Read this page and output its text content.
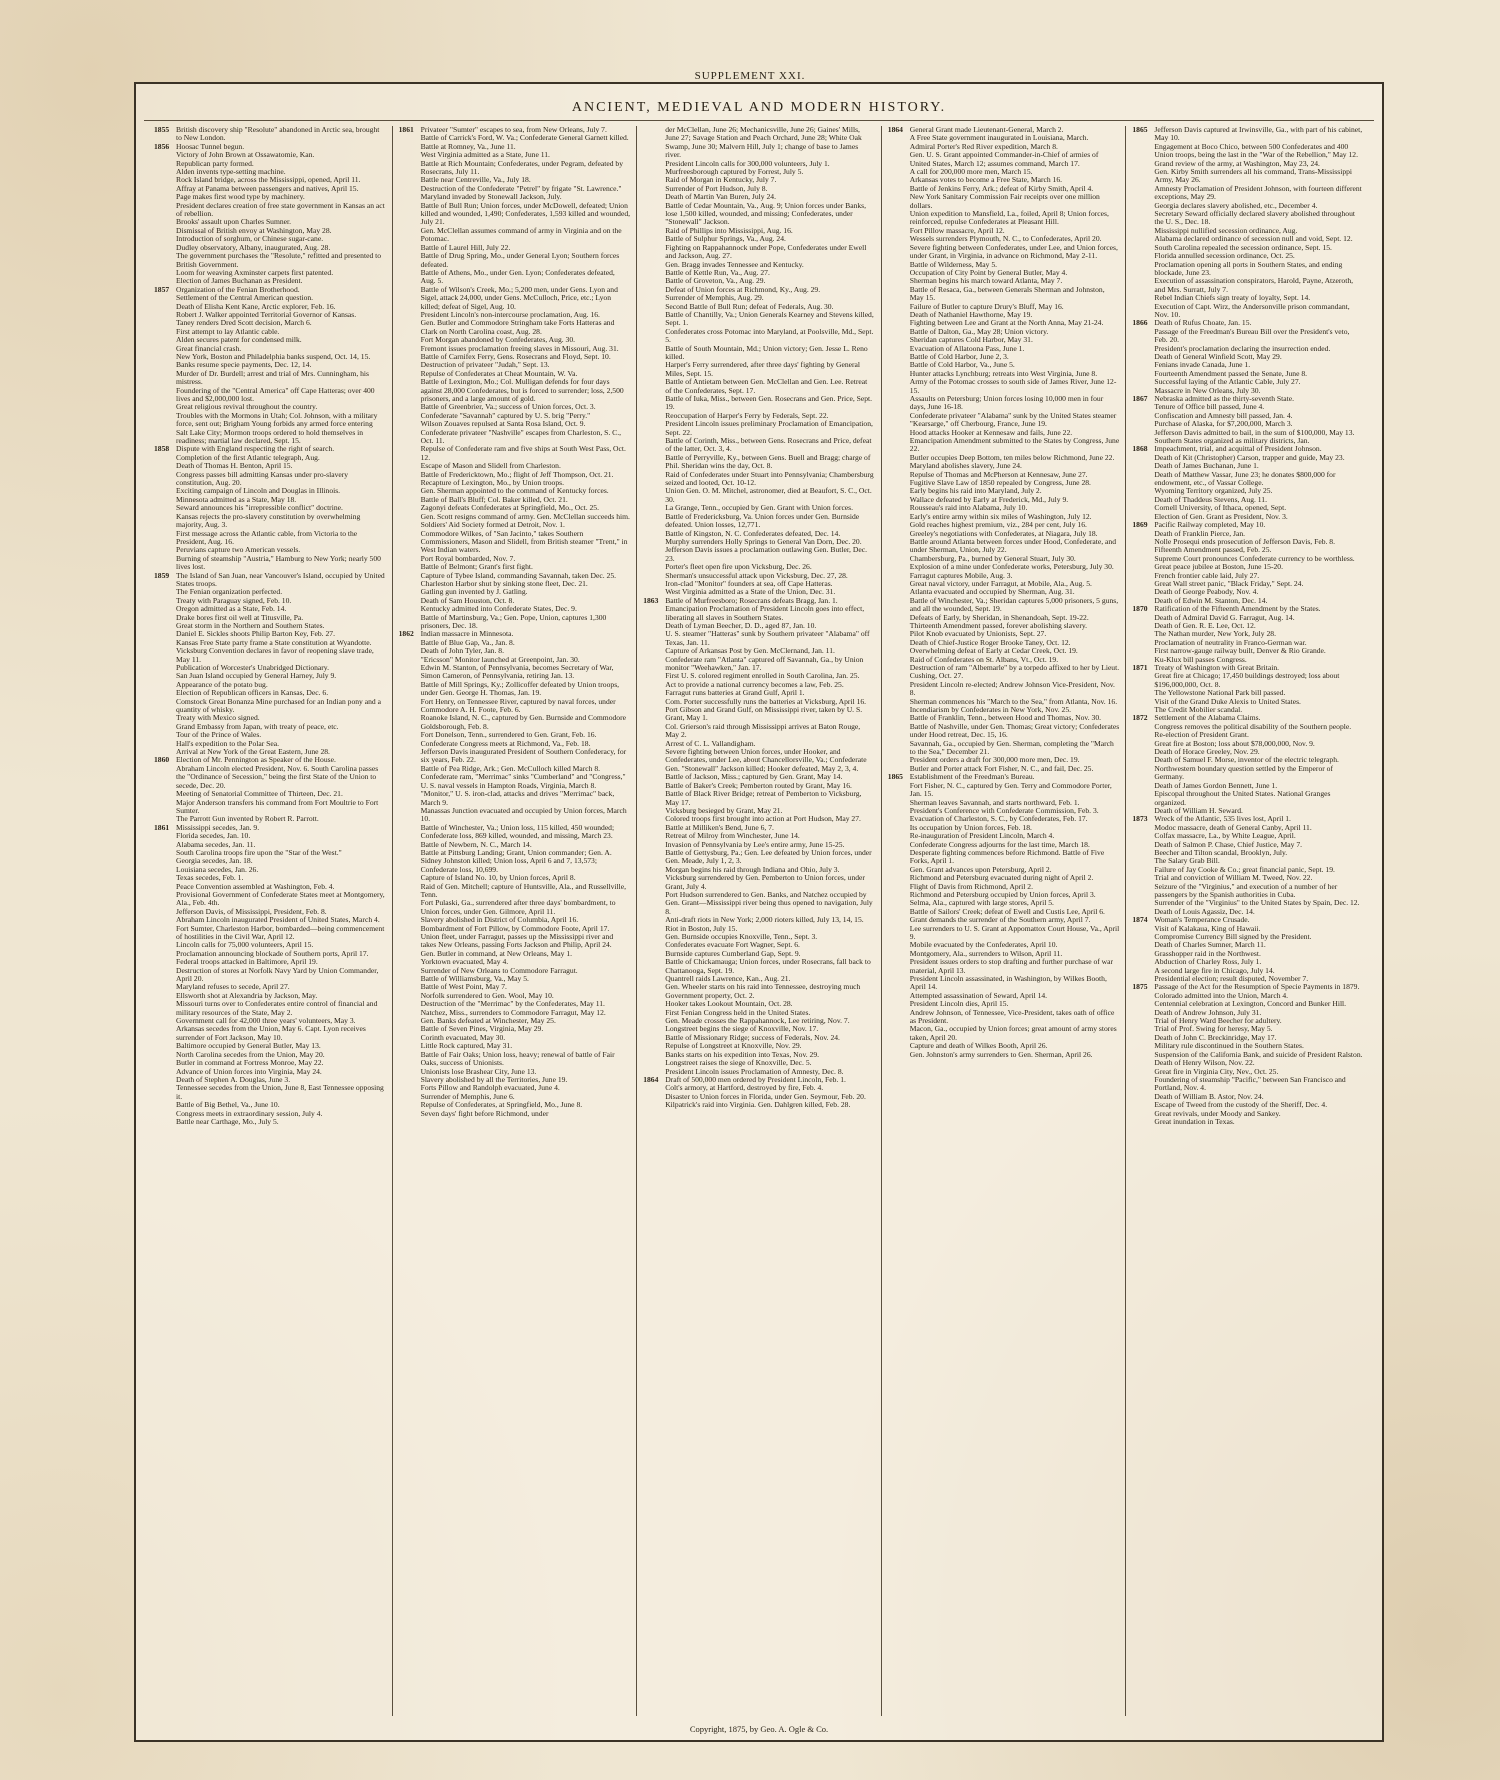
SUPPLEMENT XXI.
ANCIENT, MEDIEVAL AND MODERN HISTORY.
1855 British discovery ship "Resolute" abandoned in Arctic sea, brought to New London.
1856 Hoosac Tunnel begun.
Victory of John Brown at Ossawatomie, Kan.
Republican party formed.
Alden invents type-setting machine.
Rock Island bridge, across the Mississippi, opened, April 11.
Affray at Panama between passengers and natives, April 15.
Page makes first wood type by machinery.
President declares creation of free state government in Kansas an act of rebellion.
Brooks' assault upon Charles Sumner.
Dismissal of British envoy at Washington, May 28.
Introduction of sorghum, or Chinese sugar-cane.
Dudley observatory, Albany, inaugurated, Aug. 28.
The government purchases the "Resolute," refitted and presented to British Government.
Loom for weaving Axminster carpets first patented.
Election of James Buchanan as President.
1857 Organization of the Fenian Brotherhood.
Settlement of the Central American question.
Death of Elisha Kent Kane, Arctic explorer, Feb. 16.
Robert J. Walker appointed Territorial Governor of Kansas.
Taney renders Dred Scott decision, March 6.
First attempt to lay Atlantic cable.
Alden secures patent for condensed milk.
Great financial crash.
New York, Boston and Philadelphia banks suspend, Oct. 14, 15.
Banks resume specie payments, Dec. 12, 14.
Murder of Dr. Burdell; arrest and trial of Mrs. Cunningham, his mistress.
Foundering of the "Central America" off Cape Hatteras; over 400 lives and $2,000,000 lost.
Great religious revival throughout the country.
Troubles with the Mormons in Utah; Col. Johnson, with a military force, sent out; Brigham Young forbids any armed force entering Salt Lake City; Mormon troops ordered to hold themselves in readiness; martial law declared, Sept. 15.
1858 Dispute with England respecting the right of search.
Completion of the first Atlantic telegraph, Aug.
Death of Thomas H. Benton, April 15.
Congress passes bill admitting Kansas under pro-slavery constitution, Aug. 20.
Exciting campaign of Lincoln and Douglas in Illinois.
Minnesota admitted as a State, May 18.
Seward announces his "irrepressible conflict" doctrine.
Kansas rejects the pro-slavery constitution by overwhelming majority, Aug. 3.
First message across the Atlantic cable, from Victoria to the President, Aug. 16.
Peruvians capture two American vessels.
Burning of steamship "Austria," Hamburg to New York; nearly 500 lives lost.
1859 The Island of San Juan, near Vancouver's Island, occupied by United States troops.
The Fenian organization perfected.
Treaty with Paraguay signed, Feb. 10.
Oregon admitted as a State, Feb. 14.
Drake bores first oil well at Titusville, Pa.
Great storm in the Northern and Southern States.
Daniel E. Sickles shoots Philip Barton Key, Feb. 27.
Kansas Free State party frame a State constitution at Wyandotte.
Vicksburg Convention declares in favor of reopening slave trade, May 11.
Publication of Worcester's Unabridged Dictionary.
San Juan Island occupied by General Harney, July 9.
Appearance of the potato bug.
Election of Republican officers in Kansas, Dec. 6.
Comstock Great Bonanza Mine purchased for an Indian pony and a quantity of whisky.
Treaty with Mexico signed.
Grand Embassy from Japan, with treaty of peace, etc.
Tour of the Prince of Wales.
Hall's expedition to the Polar Sea.
Arrival at New York of the Great Eastern, June 28.
1860 Election of Mr. Pennington as Speaker of the House.
Abraham Lincoln elected President, Nov. 6. South Carolina passes the "Ordinance of Secession," being the first State of the Union to secede, Dec. 20.
Meeting of Senatorial Committee of Thirteen, Dec. 21.
Major Anderson transfers his command from Fort Moultrie to Fort Sumter.
The Parrott Gun invented by Robert R. Parrott.
1861 Mississippi secedes, Jan. 9.
Florida secedes, Jan. 10.
Alabama secedes, Jan. 11.
South Carolina troops fire upon the "Star of the West."
Georgia secedes, Jan. 18.
Louisiana secedes, Jan. 26.
Texas secedes, Feb. 1.
Peace Convention assembled at Washington, Feb. 4.
Provisional Government of Confederate States meet at Montgomery, Ala., Feb. 4th.
Jefferson Davis, of Mississippi, President, Feb. 8.
Abraham Lincoln inaugurated President of United States, March 4.
Fort Sumter, Charleston Harbor, bombarded—being commencement of hostilities in the Civil War, April 12.
Lincoln calls for 75,000 volunteers, April 15.
Proclamation announcing blockade of Southern ports, April 17.
Federal troops attacked in Baltimore, April 19.
Destruction of stores at Norfolk Navy Yard by Union Commander, April 20.
Maryland refuses to secede, April 27.
Ellsworth shot at Alexandria by Jackson, May.
Missouri turns over to Confederates entire control of financial and military resources of the State, May 2.
Government call for 42,000 three years' volunteers, May 3.
Arkansas secedes from the Union, May 6. Capt. Lyon receives surrender of Fort Jackson, May 10.
Baltimore occupied by General Butler, May 13.
North Carolina secedes from the Union, May 20.
Butler in command at Fortress Monroe, May 22.
Advance of Union forces into Virginia, May 24.
Death of Stephen A. Douglas, June 3.
Tennessee secedes from the Union, June 8, East Tennessee opposing it.
Battle of Big Bethel, Va., June 10.
Congress meets in extraordinary session, July 4.
Battle near Carthage, Mo., July 5.
1861 Privateer "Sumter" escapes to sea, from New Orleans, July 7.
Battle of Carrick's Ford, W. Va.; Confederate General Garnett killed.
Battle at Romney, Va., June 11.
West Virginia admitted as a State, June 11.
Battle at Rich Mountain; Confederates, under Pegram, defeated by Rosecrans, July 11.
Battle near Centreville, Va., July 18.
Destruction of the Confederate "Petrel" by frigate "St. Lawrence."
Maryland invaded by Stonewall Jackson, July.
Battle of Bull Run; Union forces, under McDowell, defeated; Union killed and wounded, 1,490; Confederates, 1,593 killed and wounded, July 21.
Gen. McClellan assumes command of army in Virginia and on the Potomac.
Battle of Laurel Hill, July 22.
Battle of Drug Spring, Mo., under General Lyon; Southern forces defeated.
Battle of Athens, Mo., under Gen. Lyon; Confederates defeated, Aug. 5.
Battle of Wilson's Creek, Mo.; 5,200 men, under Gens. Lyon and Sigel, attack 24,000, under Gens. McCulloch, Price, etc.; Lyon killed; defeat of Sigel, Aug. 10.
President Lincoln's non-intercourse proclamation, Aug. 16.
Gen. Butler and Commodore Stringham take Forts Hatteras and Clark on North Carolina coast, Aug. 28.
Fort Morgan abandoned by Confederates, Aug. 30.
Fremont issues proclamation freeing slaves in Missouri, Aug. 31.
Battle of Carnifex Ferry, Gens. Rosecrans and Floyd, Sept. 10.
Destruction of privateer "Judah," Sept. 13.
Repulse of Confederates at Cheat Mountain, W. Va.
Battle of Lexington, Mo.; Col. Mulligan defends for four days against 28,000 Confederates, but is forced to surrender; loss, 2,500 prisoners, and a large amount of gold.
Battle of Greenbrier, Va.; success of Union forces, Oct. 3.
Confederate "Savannah" captured by U. S. brig "Perry."
Wilson Zouaves repulsed at Santa Rosa Island, Oct. 9.
Confederate privateer "Nashville" escapes from Charleston, S. C., Oct. 11.
Repulse of Confederate ram and five ships at South West Pass, Oct. 12.
Escape of Mason and Slidell from Charleston.
Battle of Fredericktown, Mo.; flight of Jeff Thompson, Oct. 21.
Recapture of Lexington, Mo., by Union troops.
Gen. Sherman appointed to the command of Kentucky forces.
Battle of Ball's Bluff; Col. Baker killed, Oct. 21.
Zagonyi defeats Confederates at Springfield, Mo., Oct. 25.
Gen. Scott resigns command of army. Gen. McClellan succeeds him.
Soldiers' Aid Society formed at Detroit, Nov. 1.
Commodore Wilkes, of "San Jacinto," takes Southern Commissioners, Mason and Slidell, from British steamer "Trent," in West Indian waters.
Port Royal bombarded, Nov. 7.
Battle of Belmont; Grant's first fight.
Capture of Tybee Island, commanding Savannah, taken Dec. 25.
Charleston Harbor shut by sinking stone fleet, Dec. 21.
Gatling gun invented by J. Gatling.
Death of Sam Houston, Oct. 8.
Kentucky admitted into Confederate States, Dec. 9.
Battle of Martinsburg, Va.; Gen. Pope, Union, captures 1,300 prisoners, Dec. 18.
1862 Indian massacre in Minnesota.
Battle of Blue Gap, Va., Jan. 8.
Death of John Tyler, Jan. 8.
"Ericsson" Monitor launched at Greenpoint, Jan. 30.
Edwin M. Stanton, of Pennsylvania, becomes Secretary of War, Simon Cameron, of Pennsylvania, retiring Jan. 13.
Battle of Mill Springs, Ky.; Zollicoffer defeated by Union troops, under Gen. George H. Thomas, Jan. 19.
Fort Henry, on Tennessee River, captured by naval forces, under Commodore A. H. Foote, Feb. 6.
Roanoke Island, N. C., captured by Gen. Burnside and Commodore Goldsborough, Feb. 8.
Fort Donelson, Tenn., surrendered to Gen. Grant, Feb. 16.
Confederate Congress meets at Richmond, Va., Feb. 18.
Jefferson Davis inaugurated President of Southern Confederacy, for six years, Feb. 22.
Battle of Pea Ridge, Ark.; Gen. McCulloch killed March 8.
Confederate ram, "Merrimac" sinks "Cumberland" and "Congress," U. S. naval vessels in Hampton Roads, Virginia, March 8.
"Monitor," U. S. iron-clad, attacks and drives "Merrimac" back, March 9.
Manassas Junction evacuated and occupied by Union forces, March 10.
Battle of Winchester, Va.; Union loss, 115 killed, 450 wounded; Confederate loss, 869 killed, wounded, and missing, March 23.
Battle of Newbern, N. C., March 14.
Battle at Pittsburg Landing; Grant, Union commander; Gen. A. Sidney Johnston killed; Union loss, April 6 and 7, 13,573; Confederate loss, 10,699.
Capture of Island No. 10, by Union forces, April 8.
Raid of Gen. Mitchell; capture of Huntsville, Ala., and Russellville, Tenn.
Fort Pulaski, Ga., surrendered after three days' bombardment, to Union forces, under Gen. Gilmore, April 11.
Slavery abolished in District of Columbia, April 16.
Bombardment of Fort Pillow, by Commodore Foote, April 17.
Union fleet, under Farragut, passes up the Mississippi river and takes New Orleans, passing Forts Jackson and Philip, April 24.
Gen. Butler in command, at New Orleans, May 1.
Yorktown evacuated, May 4.
Surrender of New Orleans to Commodore Farragut.
Battle of Williamsburg, Va., May 5.
Battle of West Point, May 7.
Norfolk surrendered to Gen. Wool, May 10.
Destruction of the "Merrimac" by the Confederates, May 11.
Natchez, Miss., surrenders to Commodore Farragut, May 12.
Gen. Banks defeated at Winchester, May 25.
Battle of Seven Pines, Virginia, May 29.
Corinth evacuated, May 30.
Little Rock captured, May 31.
Battle of Fair Oaks; Union loss, heavy; renewal of battle of Fair Oaks, success of Unionists.
Unionists lose Brashear City, June 13.
Slavery abolished by all the Territories, June 19.
Forts Pillow and Randolph evacuated, June 4.
Surrender of Memphis, June 6.
Repulse of Confederates, at Springfield, Mo., June 8.
Seven days' fight before Richmond, under
der McClellan, June 26; Mechanicsville, June 26; Gaines' Mills, June 27; Savage Station and Peach Orchard, June 28; White Oak Swamp, June 30; Malvern Hill, July 1; change of base to James river.
President Lincoln calls for 300,000 volunteers, July 1.
Murfreesborough captured by Forrest, July 5.
Raid of Morgan in Kentucky, July 7.
Surrender of Port Hudson, July 8.
Death of Martin Van Buren, July 24.
Battle of Cedar Mountain, Va., Aug. 9; Union forces under Banks, lose 1,500 killed, wounded, and missing; Confederates, under "Stonewall" Jackson.
Raid of Phillips into Mississippi, Aug. 16.
Battle of Sulphur Springs, Va., Aug. 24.
Fighting on Rappahannock under Pope, Confederates under Ewell and Jackson, Aug. 27.
Gen. Bragg invades Tennessee and Kentucky.
Battle of Kettle Run, Va., Aug. 27.
Battle of Groveton, Va., Aug. 29.
Defeat of Union forces at Richmond, Ky., Aug. 29.
Surrender of Memphis, Aug. 29.
Second Battle of Bull Run; defeat of Federals, Aug. 30.
Battle of Chantilly, Va.; Union Generals Kearney and Stevens killed, Sept. 1.
Confederates cross Potomac into Maryland, at Poolsville, Md., Sept. 5.
Battle of South Mountain, Md.; Union victory; Gen. Jesse L. Reno killed.
Harper's Ferry surrendered, after three days' fighting by General Miles, Sept. 15.
Battle of Antietam between Gen. McClellan and Gen. Lee. Retreat of the Confederates, Sept. 17.
Battle of Iuka, Miss., between Gen. Rosecrans and Gen. Price, Sept. 19.
Reoccupation of Harper's Ferry by Federals, Sept. 22.
President Lincoln issues preliminary Proclamation of Emancipation, Sept. 22.
Battle of Corinth, Miss., between Gens. Rosecrans and Price, defeat of the latter, Oct. 3, 4.
Battle of Perryville, Ky., between Gens. Buell and Bragg; charge of Phil. Sheridan wins the day, Oct. 8.
Raid of Confederates under Stuart into Pennsylvania; Chambersburg seized and looted, Oct. 10-12.
Union Gen. O. M. Mitchel, astronomer, died at Beaufort, S. C., Oct. 30.
La Grange, Tenn., occupied by Gen. Grant with Union forces.
Battle of Fredericksburg, Va. Union forces under Gen. Burnside defeated. Union losses, 12,771.
Battle of Kingston, N. C. Confederates defeated, Dec. 14.
Murphy surrenders Holly Springs to General Van Dorn, Dec. 20.
Jefferson Davis issues a proclamation outlawing Gen. Butler, Dec. 23.
Porter's fleet open fire upon Vicksburg, Dec. 26.
Sherman's unsuccessful attack upon Vicksburg, Dec. 27, 28.
Iron-clad "Monitor" founders at sea, off Cape Hatteras.
West Virginia admitted as a State of the Union, Dec. 31.
1863 Battle of Murfreesboro; Rosecrans defeats Bragg, Jan. 1.
Emancipation Proclamation of President Lincoln goes into effect, liberating all slaves in Southern States.
Death of Lyman Beecher, D. D., aged 87, Jan. 10.
U. S. steamer "Hatteras" sunk by Southern privateer "Alabama" off Texas, Jan. 11.
Capture of Arkansas Post by Gen. McClernand, Jan. 11.
Confederate ram "Atlanta" captured off Savannah, Ga., by Union monitor "Weehawken," Jan. 17.
First U. S. colored regiment enrolled in South Carolina, Jan. 25.
Act to provide a national currency becomes a law, Feb. 25.
Farragut runs batteries at Grand Gulf, April 1.
Com. Porter successfully runs the batteries at Vicksburg, April 16.
Port Gibson and Grand Gulf, on Mississippi river, taken by U. S. Grant, May 1.
Col. Grierson's raid through Mississippi arrives at Baton Rouge, May 2.
Arrest of C. L. Vallandigham.
Severe fighting between Union forces, under Hooker, and Confederates, under Lee, about Chancellorsville, Va.; Confederate Gen. "Stonewall" Jackson killed; Hooker defeated, May 2, 3, 4.
Battle of Jackson, Miss.; captured by Gen. Grant, May 14.
Battle of Baker's Creek; Pemberton routed by Grant, May 16.
Battle of Black River Bridge; retreat of Pemberton to Vicksburg, May 17.
Vicksburg besieged by Grant, May 21.
Colored troops first brought into action at Port Hudson, May 27.
Battle at Milliken's Bend, June 6, 7.
Retreat of Milroy from Winchester, June 14.
Invasion of Pennsylvania by Lee's entire army, June 15-25.
Battle of Gettysburg, Pa.; Gen. Lee defeated by Union forces, under Gen. Meade, July 1, 2, 3.
Morgan begins his raid through Indiana and Ohio, July 3.
Vicksburg surrendered by Gen. Pemberton to Union forces, under Grant, July 4.
Port Hudson surrendered to Gen. Banks, and Natchez occupied by Gen. Grant—Mississippi river being thus opened to navigation, July 8.
Anti-draft riots in New York; 2,000 rioters killed, July 13, 14, 15.
Riot in Boston, July 15.
Gen. Burnside occupies Knoxville, Tenn., Sept. 3.
Confederates evacuate Fort Wagner, Sept. 6.
Burnside captures Cumberland Gap, Sept. 9.
Battle of Chickamauga; Union forces, under Rosecrans, fall back to Chattanooga, Sept. 19.
Quantrell raids Lawrence, Kan., Aug. 21.
Gen. Wheeler starts on his raid into Tennessee, destroying much Government property, Oct. 2.
Hooker takes Lookout Mountain, Oct. 28.
First Fenian Congress held in the United States.
Gen. Meade crosses the Rappahannock, Lee retiring, Nov. 7.
Longstreet begins the siege of Knoxville, Nov. 17.
Battle of Missionary Ridge; success of Federals, Nov. 24.
Repulse of Longstreet at Knoxville, Nov. 29.
Banks starts on his expedition into Texas, Nov. 29.
Longstreet raises the siege of Knoxville, Dec. 5.
President Lincoln issues Proclamation of Amnesty, Dec. 8.
1864 Draft of 500,000 men ordered by President Lincoln, Feb. 1.
Colt's armory, at Hartford, destroyed by fire, Feb. 4.
Disaster to Union forces in Florida, under Gen. Seymour, Feb. 20.
Kilpatrick's raid into Virginia. Gen. Dahlgren killed, Feb. 28.
1864 General Grant made Lieutenant-General, March 2.
A Free State government inaugurated in Louisiana, March.
Admiral Porter's Red River expedition, March 8.
Gen. U. S. Grant appointed Commander-in-Chief of armies of United States, March 12; assumes command, March 17.
A call for 200,000 more men, March 15.
Arkansas votes to become a Free State, March 16.
Battle of Jenkins Ferry, Ark.; defeat of Kirby Smith, April 4.
New York Sanitary Commission Fair receipts over one million dollars.
Union expedition to Mansfield, La., foiled, April 8; Union forces, reinforced, repulse Confederates at Pleasant Hill.
Fort Pillow massacre, April 12.
Wessels surrenders Plymouth, N. C., to Confederates, April 20.
Severe fighting between Confederates, under Lee, and Union forces, under Grant, in Virginia, in advance on Richmond, May 2-11.
Battle of Wilderness, May 5.
Occupation of City Point by General Butler, May 4.
Sherman begins his march toward Atlanta, May 7.
Battle of Resaca, Ga., between Generals Sherman and Johnston, May 15.
Failure of Butler to capture Drury's Bluff, May 16.
Death of Nathaniel Hawthorne, May 19.
Fighting between Lee and Grant at the North Anna, May 21-24.
Battle of Dalton, Ga., May 28; Union victory.
Sheridan captures Cold Harbor, May 31.
Evacuation of Allatoona Pass, June 1.
Battle of Cold Harbor, June 2, 3.
Battle of Cold Harbor, Va., June 5.
Hunter attacks Lynchburg; retreats into West Virginia, June 8.
Army of the Potomac crosses to south side of James River, June 12-15.
Assaults on Petersburg; Union forces losing 10,000 men in four days, June 16-18.
Confederate privateer "Alabama" sunk by the United States steamer "Kearsarge," off Cherbourg, France, June 19.
Hood attacks Hooker at Kennesaw and fails, June 22.
Emancipation Amendment submitted to the States by Congress, June 22.
Butler occupies Deep Bottom, ten miles below Richmond, June 22.
Maryland abolishes slavery, June 24.
Repulse of Thomas and McPherson at Kennesaw, June 27.
Fugitive Slave Law of 1850 repealed by Congress, June 28.
Early begins his raid into Maryland, July 2.
Wallace defeated by Early at Frederick, Md., July 9.
Rousseau's raid into Alabama, July 10.
Early's entire army within six miles of Washington, July 12.
Gold reaches highest premium, viz., 284 per cent, July 16.
Greeley's negotiations with Confederates, at Niagara, July 18.
Battle around Atlanta between forces under Hood, Confederate, and under Sherman, Union, July 22.
Chambersburg, Pa., burned by General Stuart, July 30.
Explosion of a mine under Confederate works, Petersburg, July 30.
Farragut captures Mobile, Aug. 3.
Great naval victory, under Farragut, at Mobile, Ala., Aug. 5.
Atlanta evacuated and occupied by Sherman, Aug. 31.
Battle of Winchester, Va.; Sheridan captures 5,000 prisoners, 5 guns, and all the wounded, Sept. 19.
Defeats of Early, by Sheridan, in Shenandoah, Sept. 19-22.
Thirteenth Amendment passed, forever abolishing slavery.
Pilot Knob evacuated by Unionists, Sept. 27.
Death of Chief-Justice Roger Brooke Taney, Oct. 12.
Overwhelming defeat of Early at Cedar Creek, Oct. 19.
Raid of Confederates on St. Albans, Vt., Oct. 19.
Destruction of ram "Albemarle" by a torpedo affixed to her by Lieut. Cushing, Oct. 27.
President Lincoln re-elected; Andrew Johnson Vice-President, Nov. 8.
Sherman commences his "March to the Sea," from Atlanta, Nov. 16.
Incendiarism by Confederates in New York, Nov. 25.
Battle of Franklin, Tenn., between Hood and Thomas, Nov. 30.
Battle of Nashville, under Gen. Thomas; Great victory; Confederates under Hood retreat, Dec. 15, 16.
Savannah, Ga., occupied by Gen. Sherman, completing the "March to the Sea," December 21.
President orders a draft for 300,000 more men, Dec. 19.
Butler and Porter attack Fort Fisher, N. C., and fail, Dec. 25.
1865 Establishment of the Freedman's Bureau.
Fort Fisher, N. C., captured by Gen. Terry and Commodore Porter, Jan. 15.
Sherman leaves Savannah, and starts northward, Feb. 1.
President's Conference with Confederate Commission, Feb. 3.
Evacuation of Charleston, S. C., by Confederates, Feb. 17.
Its occupation by Union forces, Feb. 18.
Re-inauguration of President Lincoln, March 4.
Confederate Congress adjourns for the last time, March 18.
Desperate fighting commences before Richmond. Battle of Five Forks, April 1.
Gen. Grant advances upon Petersburg, April 2.
Richmond and Petersburg evacuated during night of April 2.
Flight of Davis from Richmond, April 2.
Richmond and Petersburg occupied by Union forces, April 3.
Selma, Ala., captured with large stores, April 5.
Battle of Sailors' Creek; defeat of Ewell and Custis Lee, April 6.
Grant demands the surrender of the Southern army, April 7.
Lee surrenders to U. S. Grant at Appomattox Court House, Va., April 9.
Mobile evacuated by the Confederates, April 10.
Montgomery, Ala., surrenders to Wilson, April 11.
President issues orders to stop drafting and further purchase of war material, April 13.
President Lincoln assassinated, in Washington, by Wilkes Booth, April 14.
Attempted assassination of Seward, April 14.
President Lincoln dies, April 15.
Andrew Johnson, of Tennessee, Vice-President, takes oath of office as President.
Macon, Ga., occupied by Union forces; great amount of army stores taken, April 20.
Capture and death of Wilkes Booth, April 26.
Gen. Johnston's army surrenders to Gen. Sherman, April 26.
1865 Jefferson Davis captured at Irwinsville, Ga., with part of his cabinet, May 10.
Engagement at Boco Chico, between 500 Confederates and 400 Union troops, being the last in the "War of the Rebellion," May 12.
Grand review of the army, at Washington, May 23, 24.
Gen. Kirby Smith surrenders all his command, Trans-Mississippi Army, May 26.
Amnesty Proclamation of President Johnson, with fourteen different exceptions, May 29.
Georgia declares slavery abolished, etc., December 4.
Secretary Seward officially declared slavery abolished throughout the U. S., Dec. 18.
Mississippi nullified secession ordinance, Aug.
Alabama declared ordinance of secession null and void, Sept. 12.
South Carolina repealed the secession ordinance, Sept. 15.
Florida annulled secession ordinance, Oct. 25.
Proclamation opening all ports in Southern States, and ending blockade, June 23.
Execution of assassination conspirators, Harold, Payne, Atzeroth, and Mrs. Surratt, July 7.
Rebel Indian Chiefs sign treaty of loyalty, Sept. 14.
Execution of Capt. Wirz, the Andersonville prison commandant, Nov. 10.
1866 Death of Rufus Choate, Jan. 15.
Passage of the Freedman's Bureau Bill over the President's veto, Feb. 20.
President's proclamation declaring the insurrection ended.
Death of General Winfield Scott, May 29.
Fenians invade Canada, June 1.
Fourteenth Amendment passed the Senate, June 8.
Successful laying of the Atlantic Cable, July 27.
Massacre in New Orleans, July 30.
1867 Nebraska admitted as the thirty-seventh State.
Tenure of Office bill passed, June 4.
Confiscation and Amnesty bill passed, Jan. 4.
Purchase of Alaska, for $7,200,000, March 3.
Jefferson Davis admitted to bail, in the sum of $100,000, May 13.
Southern States organized as military districts, Jan.
1868 Impeachment, trial, and acquittal of President Johnson.
Death of Kit (Christopher) Carson, trapper and guide, May 23.
Death of James Buchanan, June 1.
Death of Matthew Vassar, June 23; he donates $800,000 for endowment, etc., of Vassar College.
Wyoming Territory organized, July 25.
Death of Thaddeus Stevens, Aug. 11.
Cornell University, of Ithaca, opened, Sept.
Election of Gen. Grant as President, Nov. 3.
1869 Pacific Railway completed, May 10.
Death of Franklin Pierce, Jan.
Nolle Prosequi ends prosecution of Jefferson Davis, Feb. 8.
Fifteenth Amendment passed, Feb. 25.
Supreme Court pronounces Confederate currency to be worthless.
Great peace jubilee at Boston, June 15-20.
French frontier cable laid, July 27.
Great Wall street panic, "Black Friday," Sept. 24.
Death of George Peabody, Nov. 4.
Death of Edwin M. Stanton, Dec. 14.
1870 Ratification of the Fifteenth Amendment by the States.
Death of Admiral David G. Farragut, Aug. 14.
Death of Gen. R. E. Lee, Oct. 12.
The Nathan murder, New York, July 28.
Proclamation of neutrality in Franco-German war.
First narrow-gauge railway built, Denver & Rio Grande.
Ku-Klux bill passes Congress.
1871 Treaty of Washington with Great Britain.
Great fire at Chicago; 17,450 buildings destroyed; loss about $196,000,000, Oct. 8.
The Yellowstone National Park bill passed.
Visit of the Grand Duke Alexis to United States.
The Credit Mobilier scandal.
1872 Settlement of the Alabama Claims.
Congress removes the political disability of the Southern people.
Re-election of President Grant.
Great fire at Boston; loss about $78,000,000, Nov. 9.
Death of Horace Greeley, Nov. 29.
Death of Samuel F. Morse, inventor of the electric telegraph.
Northwestern boundary question settled by the Emperor of Germany.
Death of James Gordon Bennett, June 1.
Episcopal throughout the United States. National Granges organized.
Death of William H. Seward.
1873 Wreck of the Atlantic, 535 lives lost, April 1.
Modoc massacre, death of General Canby, April 11.
Colfax massacre, La., by White League, April.
Death of Salmon P. Chase, Chief Justice, May 7.
Beecher and Tilton scandal, Brooklyn, July.
The Salary Grab Bill.
Failure of Jay Cooke & Co.; great financial panic, Sept. 19.
Trial and conviction of William M. Tweed, Nov. 22.
Seizure of the "Virginius," and execution of a number of her passengers by the Spanish authorities in Cuba.
Surrender of the "Virginius" to the United States by Spain, Dec. 12.
Death of Louis Agassiz, Dec. 14.
1874 Woman's Temperance Crusade.
Visit of Kalakaua, King of Hawaii.
Compromise Currency Bill signed by the President.
Death of Charles Sumner, March 11.
Grasshopper raid in the Northwest.
Abduction of Charley Ross, July 1.
A second large fire in Chicago, July 14.
Presidential election; result disputed, November 7.
1875 Passage of the Act for the Resumption of Specie Payments in 1879.
Colorado admitted into the Union, March 4.
Centennial celebration at Lexington, Concord and Bunker Hill.
Death of Andrew Johnson, July 31.
Trial of Henry Ward Beecher for adultery.
Trial of Prof. Swing for heresy, May 5.
Death of John C. Breckinridge, May 17.
Military rule discontinued in the Southern States.
Suspension of the California Bank, and suicide of President Ralston.
Death of Henry Wilson, Nov. 22.
Great fire in Virginia City, Nev., Oct. 25.
Foundering of steamship "Pacific," between San Francisco and Portland, Nov. 4.
Death of William B. Astor, Nov. 24.
Escape of Tweed from the custody of the Sheriff, Dec. 4.
Great revivals, under Moody and Sankey.
Great inundation in Texas.
Copyright, 1875, by Geo. A. Ogle & Co.
